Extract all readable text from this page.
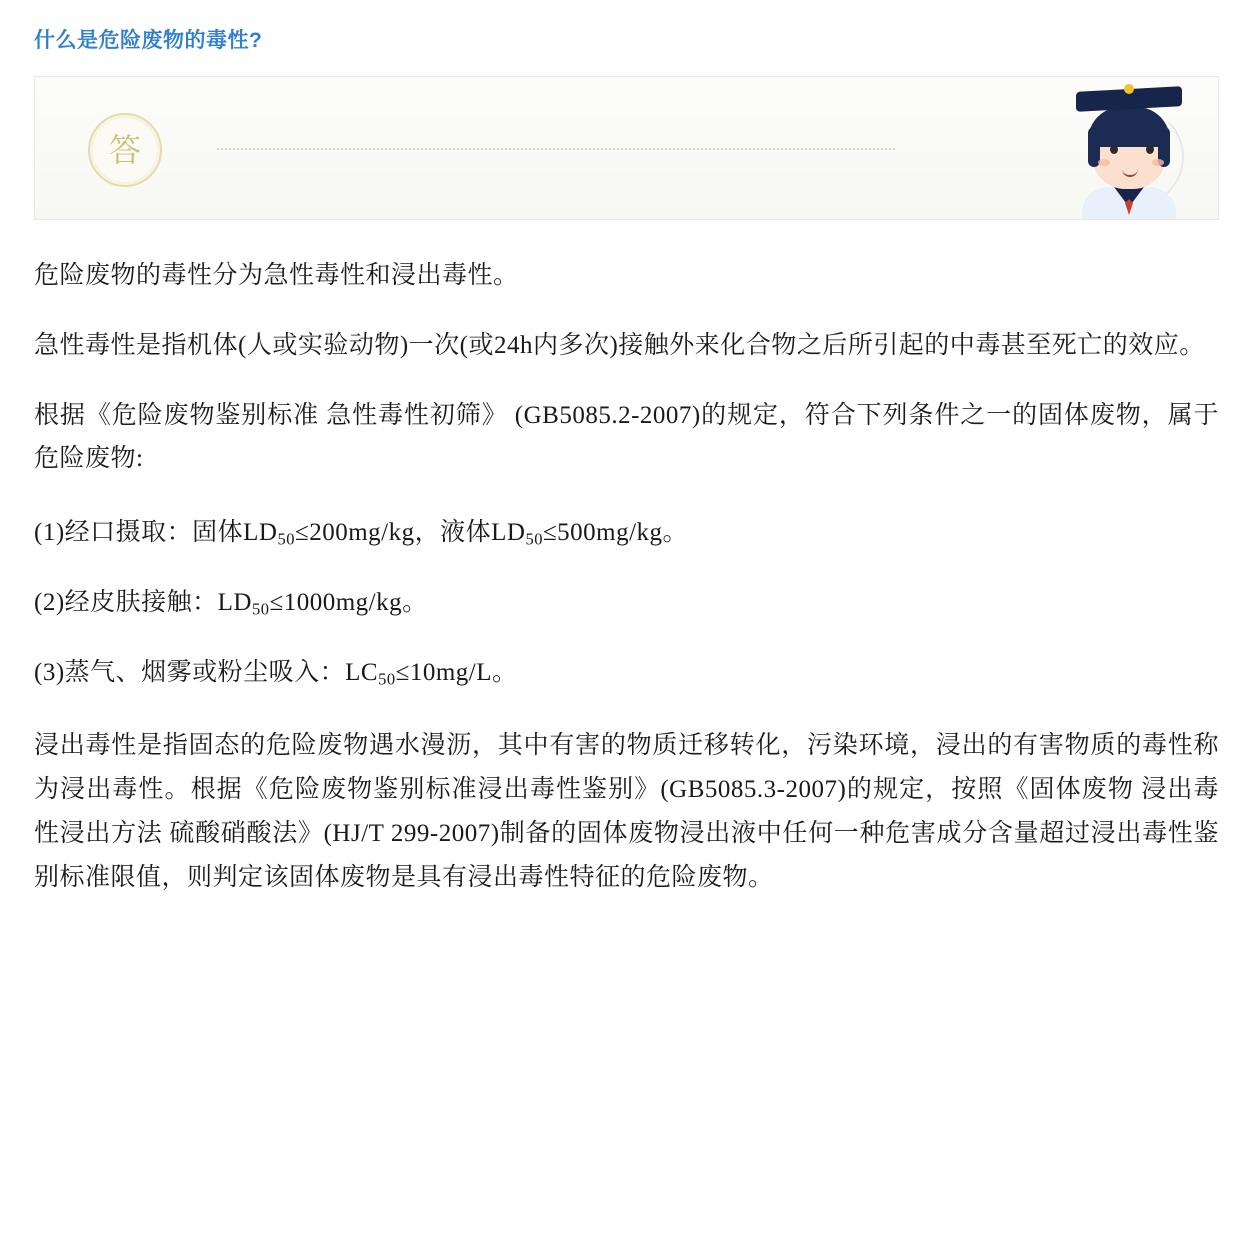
什么是危险废物的毒性?
答

危险废物的毒性分为急性毒性和浸出毒性。

急性毒性是指机体(人或实验动物)一次(或24h内多次)接触外来化合物之后所引起的中毒甚至死亡的效应。

根据《危险废物鉴别标准 急性毒性初筛》 (GB5085.2-2007)的规定，符合下列条件之一的固体废物，属于危险废物:

(1)经口摄取：固体$LD_{50}\le 200mg/kg$，液体$LD_{50}\le 500mg/kg$。

(2)经皮肤接触：$LD_{50}\le 1000mg/kg$。

(3)蒸气、烟雾或粉尘吸入：$LC_{50}\le 10mg/L$。

浸出毒性是指固态的危险废物遇水漫沥，其中有害的物质迁移转化，污染环境，浸出的有害物质的毒性称为浸出毒性。根据《危险废物鉴别标准浸出毒性鉴别》(GB5085.3-2007)的规定，按照《固体废物 浸出毒性浸出方法 硫酸硝酸法》(HJ/T 299-2007)制备的固体废物浸出液中任何一种危害成分含量超过浸出毒性鉴别标准限值，则判定该固体废物是具有浸出毒性特征的危险废物。
